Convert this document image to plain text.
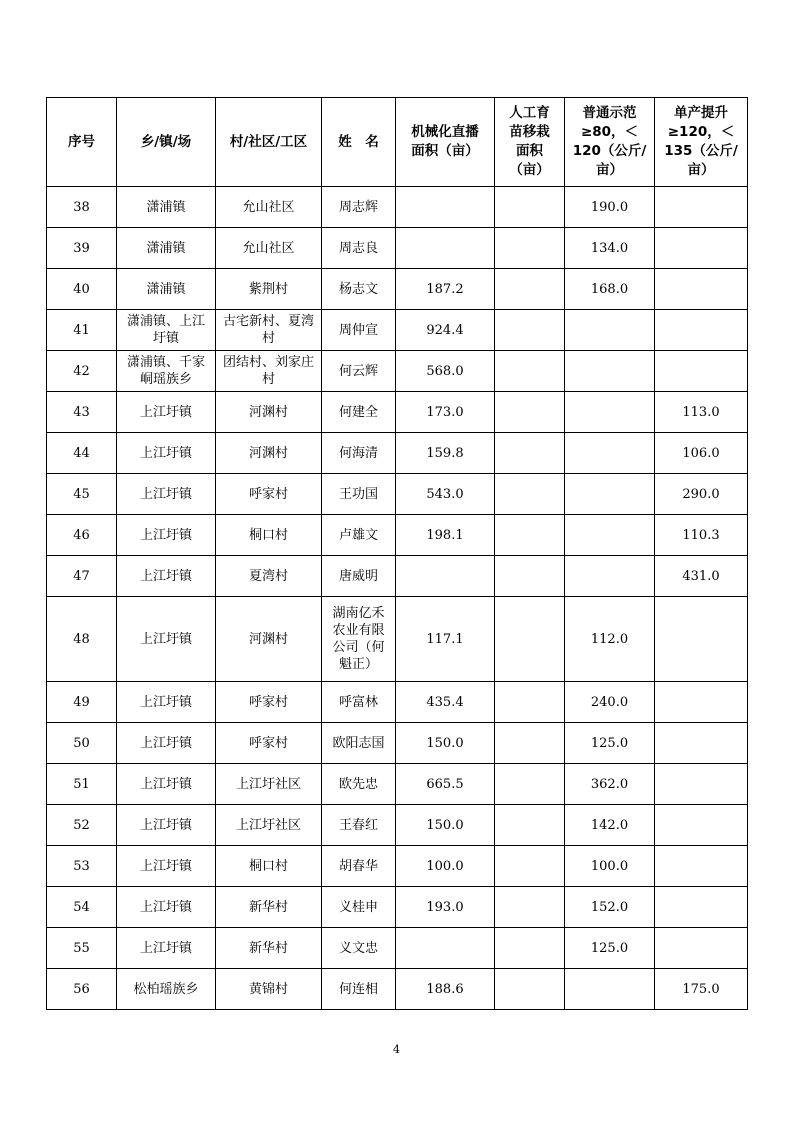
序号	乡/镇/场	村/社区/工区	姓　名	机械化直播面积（亩）	人工育苗移栽面积（亩）	普通示范≥80，＜120（公斤/亩）	单产提升≥120，＜135（公斤/亩）
38	潇浦镇	允山社区	周志辉			190.0	
39	潇浦镇	允山社区	周志良			134.0	
40	潇浦镇	紫荆村	杨志文	187.2		168.0	
41	潇浦镇、上江圩镇	古宅新村、夏湾村	周仲宣	924.4			
42	潇浦镇、千家峒瑶族乡	团结村、刘家庄村	何云辉	568.0			
43	上江圩镇	河渊村	何建全	173.0			113.0
44	上江圩镇	河渊村	何海清	159.8			106.0
45	上江圩镇	呼家村	王功国	543.0			290.0
46	上江圩镇	桐口村	卢雄文	198.1			110.3
47	上江圩镇	夏湾村	唐威明				431.0
48	上江圩镇	河渊村	湖南亿禾农业有限公司（何魁正）	117.1		112.0	
49	上江圩镇	呼家村	呼富林	435.4		240.0	
50	上江圩镇	呼家村	欧阳志国	150.0		125.0	
51	上江圩镇	上江圩社区	欧先忠	665.5		362.0	
52	上江圩镇	上江圩社区	王春红	150.0		142.0	
53	上江圩镇	桐口村	胡春华	100.0		100.0	
54	上江圩镇	新华村	义桂申	193.0		152.0	
55	上江圩镇	新华村	义文忠			125.0	
56	松柏瑶族乡	黄锦村	何连相	188.6			175.0
4
